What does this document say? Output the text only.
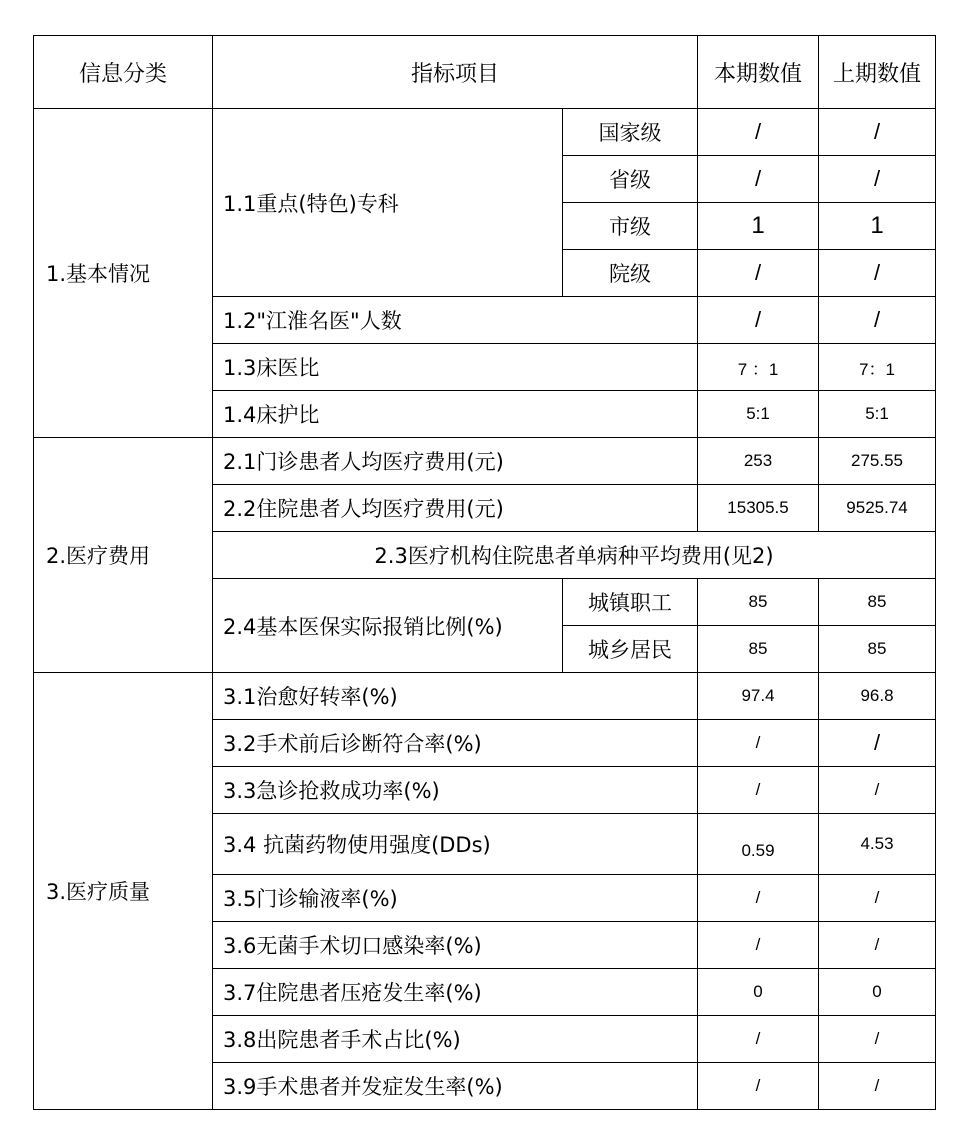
信息分类	指标项目		本期数值	上期数值
1.基本情况	1.1重点(特色)专科	国家级	/	/
		省级	/	/
		市级	1	1
		院级	/	/
	1.2"江淮名医"人数		/	/
	1.3床医比		7 ：1	7：1
	1.4床护比		5:1	5:1
2.医疗费用	2.1门诊患者人均医疗费用(元)		253	275.55
	2.2住院患者人均医疗费用(元)		15305.5	9525.74
	2.3医疗机构住院患者单病种平均费用(见2)			
	2.4基本医保实际报销比例(%)	城镇职工	85	85
		城乡居民	85	85
3.医疗质量	3.1治愈好转率(%)		97.4	96.8
	3.2手术前后诊断符合率(%)		/	/
	3.3急诊抢救成功率(%)		/	/
	3.4 抗菌药物使用强度(DDs)		0.59	4.53
	3.5门诊输液率(%)		/	/
	3.6无菌手术切口感染率(%)		/	/
	3.7住院患者压疮发生率(%)		0	0
	3.8出院患者手术占比(%)		/	/
	3.9手术患者并发症发生率(%)		/	/
